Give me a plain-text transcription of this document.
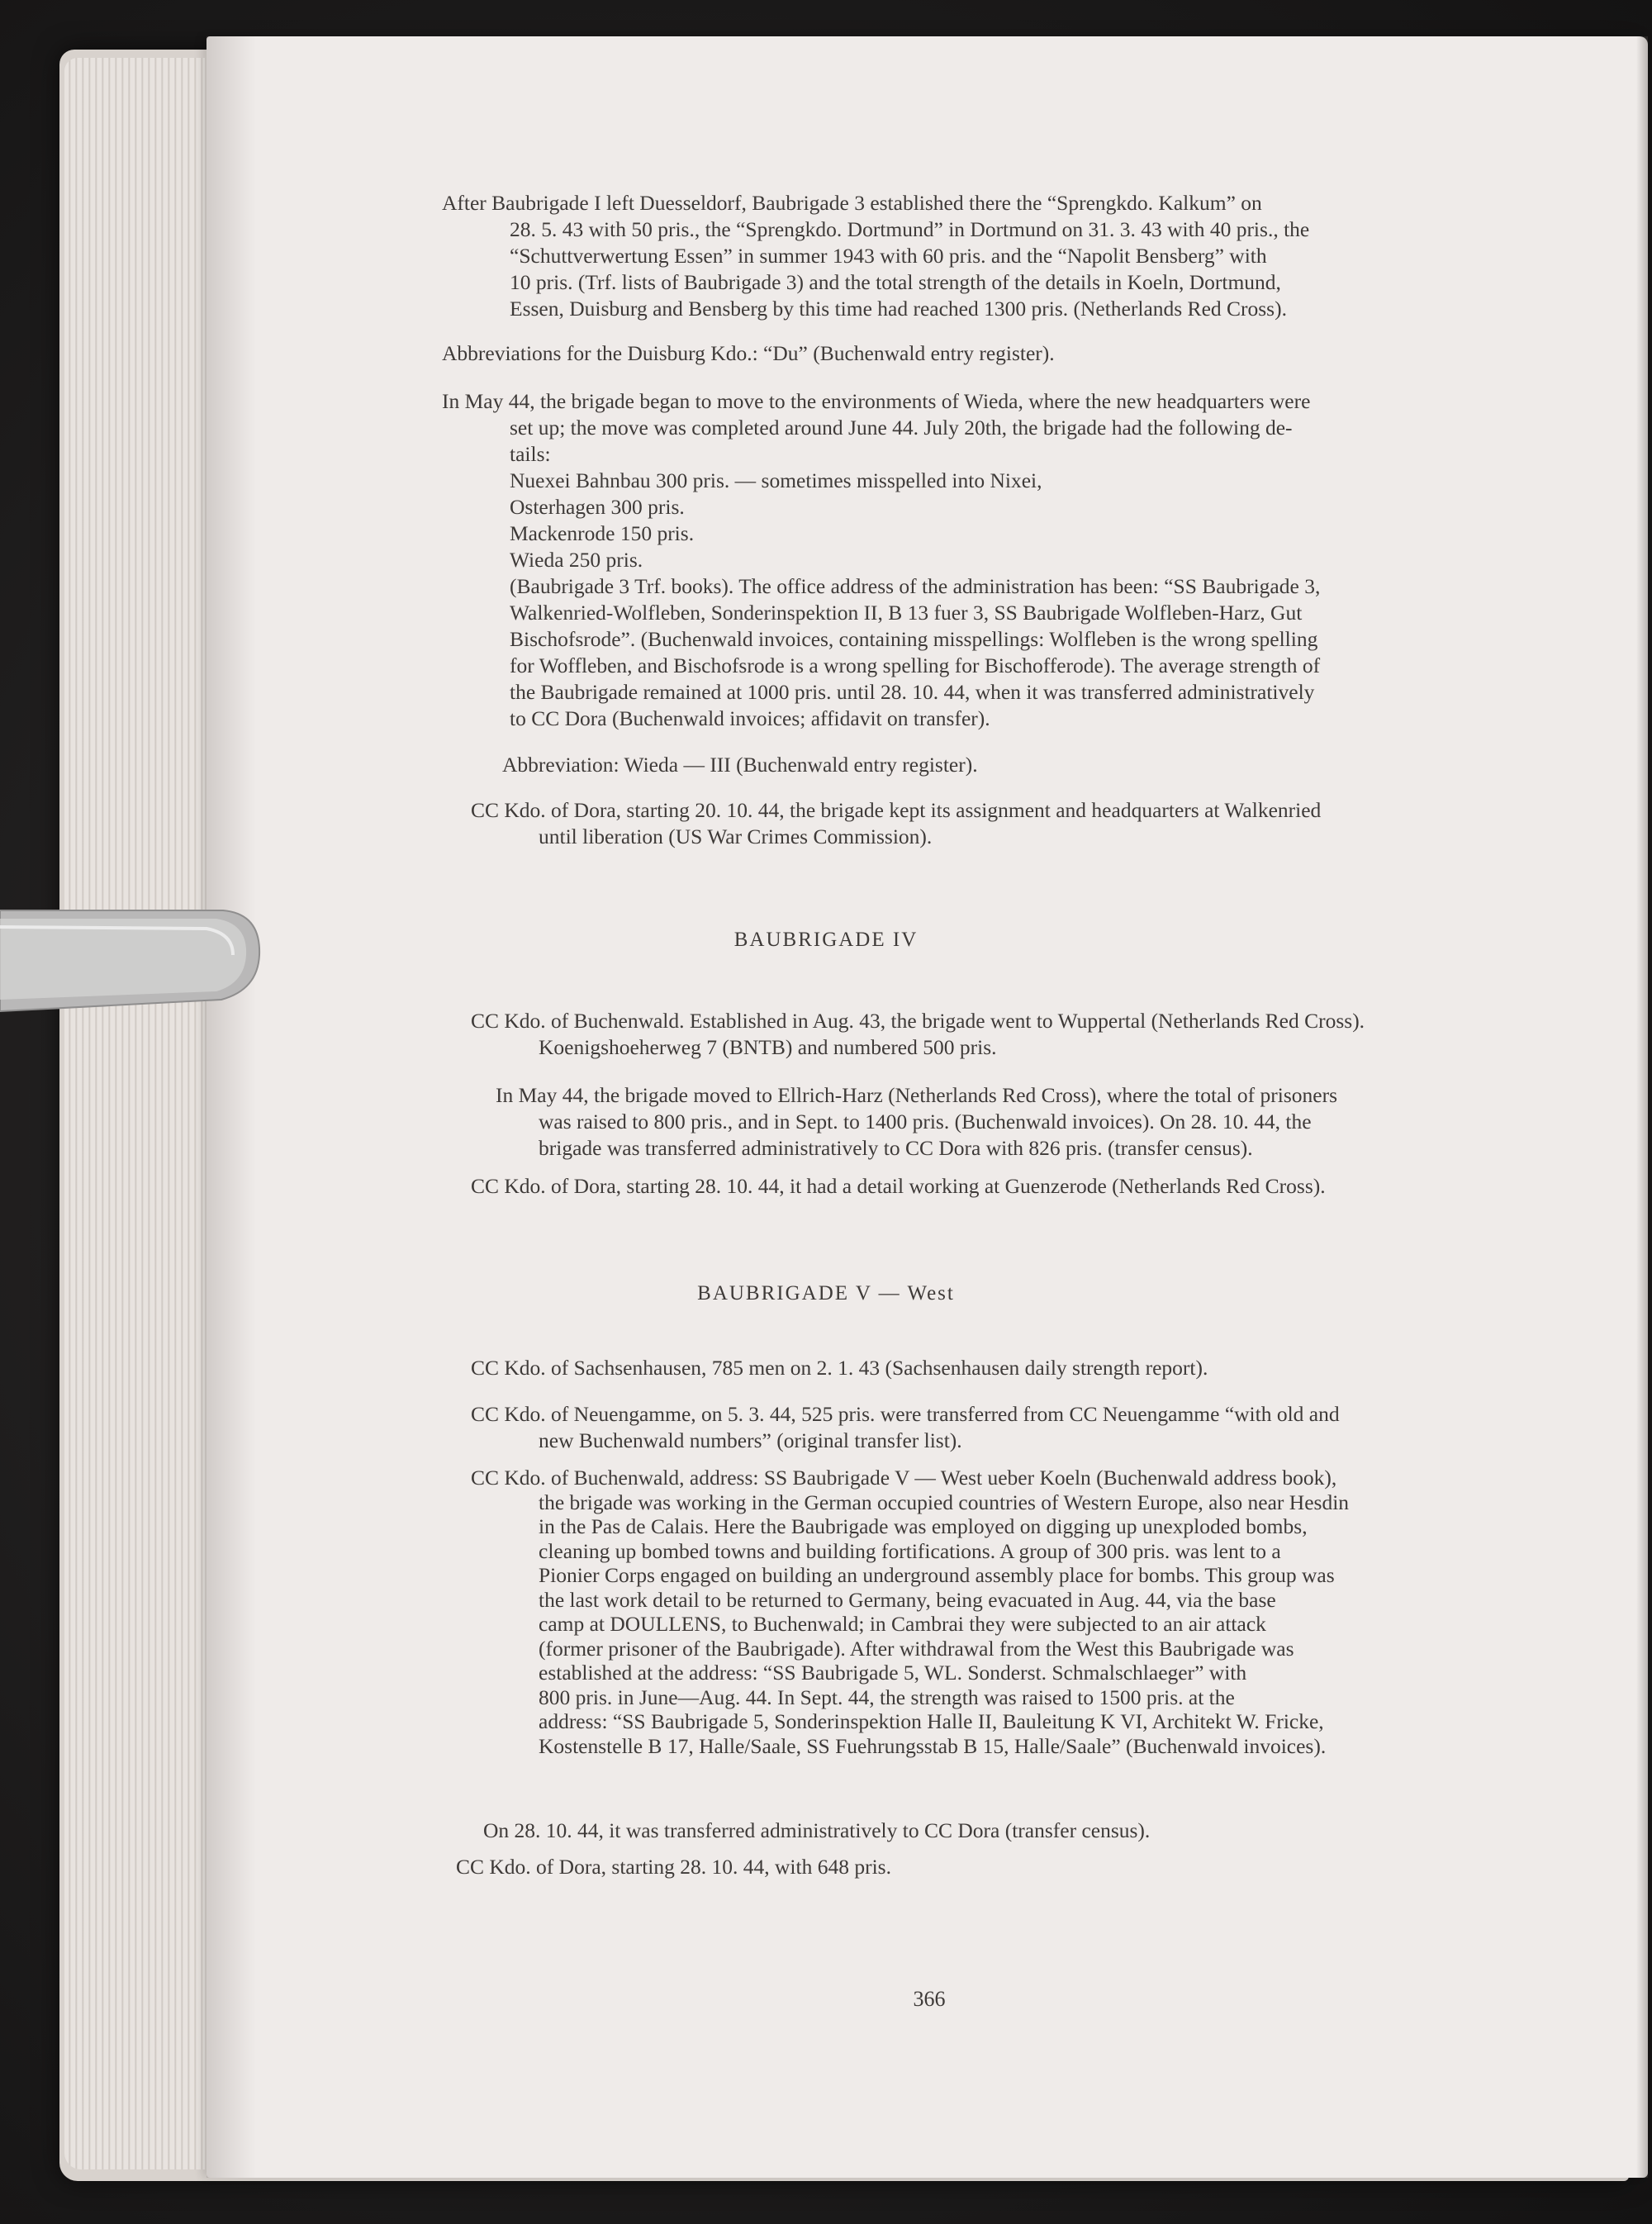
After Baubrigade I left Duesseldorf, Baubrigade 3 established there the “Sprengkdo. Kalkum” on
28. 5. 43 with 50 pris., the “Sprengkdo. Dortmund” in Dortmund on 31. 3. 43 with 40 pris., the
“Schuttverwertung Essen” in summer 1943 with 60 pris. and the “Napolit Bensberg” with
10 pris. (Trf. lists of Baubrigade 3) and the total strength of the details in Koeln, Dortmund,
Essen, Duisburg and Bensberg by this time had reached 1300 pris. (Netherlands Red Cross).
Abbreviations for the Duisburg Kdo.: “Du” (Buchenwald entry register).
In May 44, the brigade began to move to the environments of Wieda, where the new headquarters were
set up; the move was completed around June 44. July 20th, the brigade had the following de-
tails:
Nuexei Bahnbau 300 pris. — sometimes misspelled into Nixei,
Osterhagen 300 pris.
Mackenrode 150 pris.
Wieda 250 pris.
(Baubrigade 3 Trf. books). The office address of the administration has been: “SS Baubrigade 3,
Walkenried-Wolfleben, Sonderinspektion II, B 13 fuer 3, SS Baubrigade Wolfleben-Harz, Gut
Bischofsrode”. (Buchenwald invoices, containing misspellings: Wolfleben is the wrong spelling
for Woffleben, and Bischofsrode is a wrong spelling for Bischofferode). The average strength of
the Baubrigade remained at 1000 pris. until 28. 10. 44, when it was transferred administratively
to CC Dora (Buchenwald invoices; affidavit on transfer).
Abbreviation: Wieda — III (Buchenwald entry register).
CC Kdo. of Dora, starting 20. 10. 44, the brigade kept its assignment and headquarters at Walkenried
until liberation (US War Crimes Commission).
BAUBRIGADE IV
CC Kdo. of Buchenwald. Established in Aug. 43, the brigade went to Wuppertal (Netherlands Red Cross).
Koenigshoeherweg 7 (BNTB) and numbered 500 pris.
In May 44, the brigade moved to Ellrich-Harz (Netherlands Red Cross), where the total of prisoners
was raised to 800 pris., and in Sept. to 1400 pris. (Buchenwald invoices). On 28. 10. 44, the
brigade was transferred administratively to CC Dora with 826 pris. (transfer census).
CC Kdo. of Dora, starting 28. 10. 44, it had a detail working at Guenzerode (Netherlands Red Cross).
BAUBRIGADE V — West
CC Kdo. of Sachsenhausen, 785 men on 2. 1. 43 (Sachsenhausen daily strength report).
CC Kdo. of Neuengamme, on 5. 3. 44, 525 pris. were transferred from CC Neuengamme “with old and
new Buchenwald numbers” (original transfer list).
CC Kdo. of Buchenwald, address: SS Baubrigade V — West ueber Koeln (Buchenwald address book),
the brigade was working in the German occupied countries of Western Europe, also near Hesdin
in the Pas de Calais. Here the Baubrigade was employed on digging up unexploded bombs,
cleaning up bombed towns and building fortifications. A group of 300 pris. was lent to a
Pionier Corps engaged on building an underground assembly place for bombs. This group was
the last work detail to be returned to Germany, being evacuated in Aug. 44, via the base
camp at DOULLENS, to Buchenwald; in Cambrai they were subjected to an air attack
(former prisoner of the Baubrigade). After withdrawal from the West this Baubrigade was
established at the address: “SS Baubrigade 5, WL. Sonderst. Schmalschlaeger” with
800 pris. in June—Aug. 44. In Sept. 44, the strength was raised to 1500 pris. at the
address: “SS Baubrigade 5, Sonderinspektion Halle II, Bauleitung K VI, Architekt W. Fricke,
Kostenstelle B 17, Halle/Saale, SS Fuehrungsstab B 15, Halle/Saale” (Buchenwald invoices).
On 28. 10. 44, it was transferred administratively to CC Dora (transfer census).
CC Kdo. of Dora, starting 28. 10. 44, with 648 pris.
366
